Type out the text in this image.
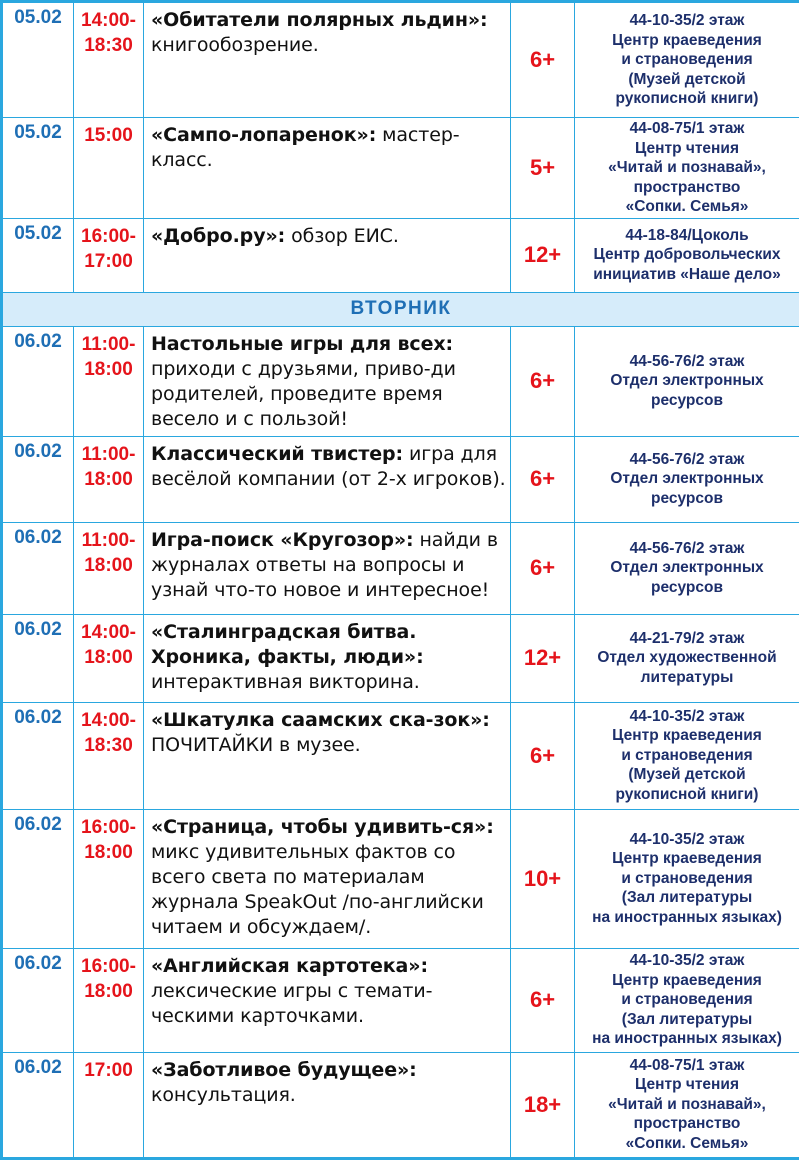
05.02	14:00-
18:30	«Обитатели полярных льдин»: книгообозрение.	6+	44-10-35/2 этаж
Центр краеведения
и страноведения
(Музей детской
рукописной книги)

05.02	15:00	«Сампо-лопаренок»: мастер-класс.	5+	44-08-75/1 этаж
Центр чтения
«Читай и познавай»,
пространство
«Сопки. Семья»

05.02	16:00-
17:00	«Добро.ру»: обзор ЕИС.	12+	44-18-84/Цоколь
Центр добровольческих
инициатив «Наше дело»

ВТОРНИК				
06.02	11:00-
18:00	Настольные игры для всех: приходи с друзьями, приво-ди родителей, проведите время весело и с пользой!	6+	44-56-76/2 этаж
Отдел электронных
ресурсов

06.02	11:00-
18:00	Классический твистер: игра для весёлой компании (от 2-х игроков).	6+	44-56-76/2 этаж
Отдел электронных
ресурсов

06.02	11:00-
18:00	Игра-поиск «Кругозор»: найди в журналах ответы на вопросы и узнай что-то новое и интересное!	6+	44-56-76/2 этаж
Отдел электронных
ресурсов

06.02	14:00-
18:00	«Сталинградская битва. Хроника, факты, люди»: интерактивная викторина.	12+	44-21-79/2 этаж
Отдел художественной
литературы

06.02	14:00-
18:30	«Шкатулка саамских ска-зок»: ПОЧИТАЙКИ в музее.	6+	44-10-35/2 этаж
Центр краеведения
и страноведения
(Музей детской
рукописной книги)

06.02	16:00-
18:00	«Страница, чтобы удивить-ся»: микс удивительных фактов со всего света по материалам журнала SpeakOut /по-английски читаем и обсуждаем/.	10+	44-10-35/2 этаж
Центр краеведения
и страноведения
(Зал литературы
на иностранных языках)

06.02	16:00-
18:00	«Английская картотека»: лексические игры с темати-ческими карточками.	6+	44-10-35/2 этаж
Центр краеведения
и страноведения
(Зал литературы
на иностранных языках)

06.02	17:00	«Заботливое будущее»: консультация.	18+	44-08-75/1 этаж
Центр чтения
«Читай и познавай»,
пространство
«Сопки. Семья»
